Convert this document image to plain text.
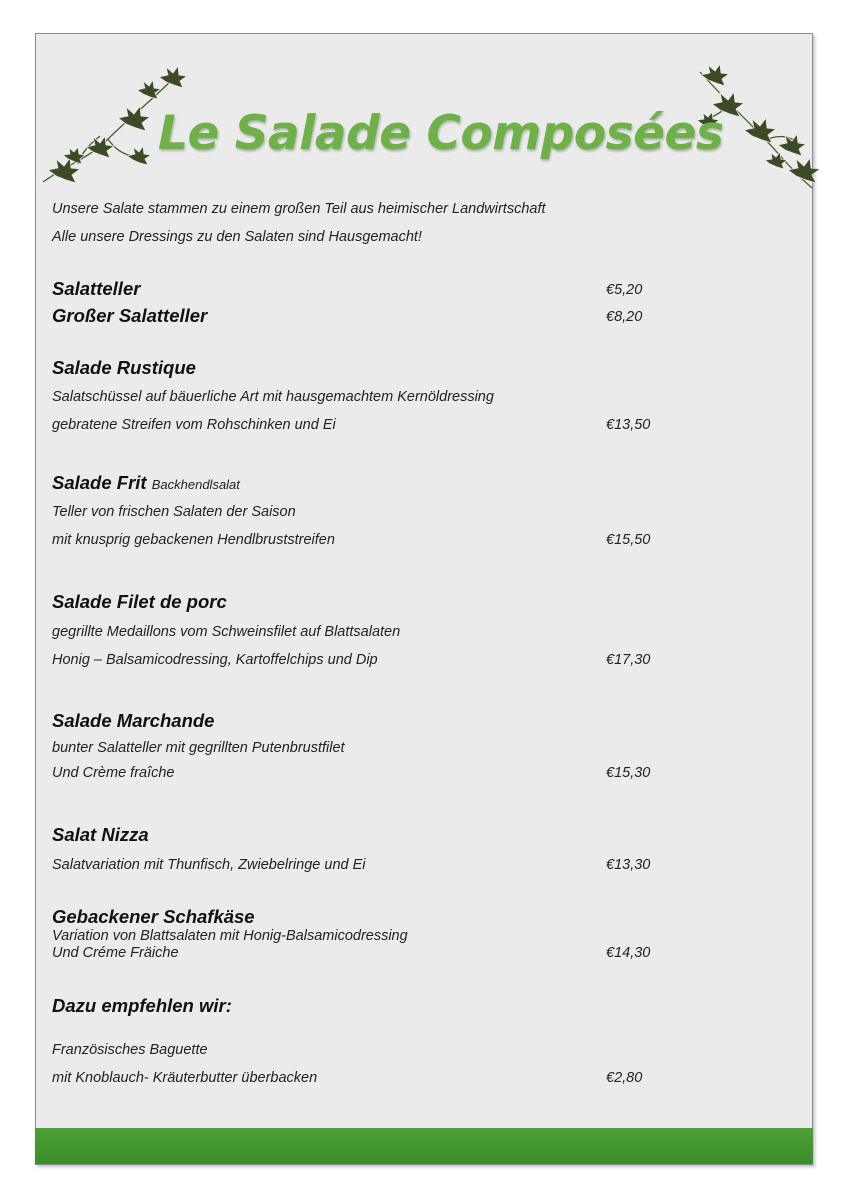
Le Salade Composées
Unsere Salate stammen zu einem großen Teil aus heimischer Landwirtschaft
Alle unsere Dressings zu den Salaten sind Hausgemacht!
Salatteller	€5,20
Großer Salatteller	€8,20
Salade Rustique
Salatschüssel auf bäuerliche Art mit hausgemachtem Kernöldressing
gebratene Streifen vom Rohschinken und Ei	€13,50
Salade Frit Backhendlsalat
Teller von frischen Salaten der Saison
mit knusprig gebackenen Hendlbruststreifen	€15,50
Salade Filet de porc
gegrillte Medaillons vom Schweinsfilet auf Blattsalaten
Honig – Balsamicodressing, Kartoffelchips und Dip	€17,30
Salade Marchande
bunter Salatteller mit gegrillten Putenbrustfilet
Und Crème fraîche	€15,30
Salat Nizza
Salatvariation mit Thunfisch, Zwiebelringe und Ei	€13,30
Gebackener Schafkäse
Variation von Blattsalaten mit Honig-Balsamicodressing
Und Créme Fräiche	€14,30
Dazu empfehlen wir:
Französisches Baguette
mit Knoblauch- Kräuterbutter überbacken	€2,80
